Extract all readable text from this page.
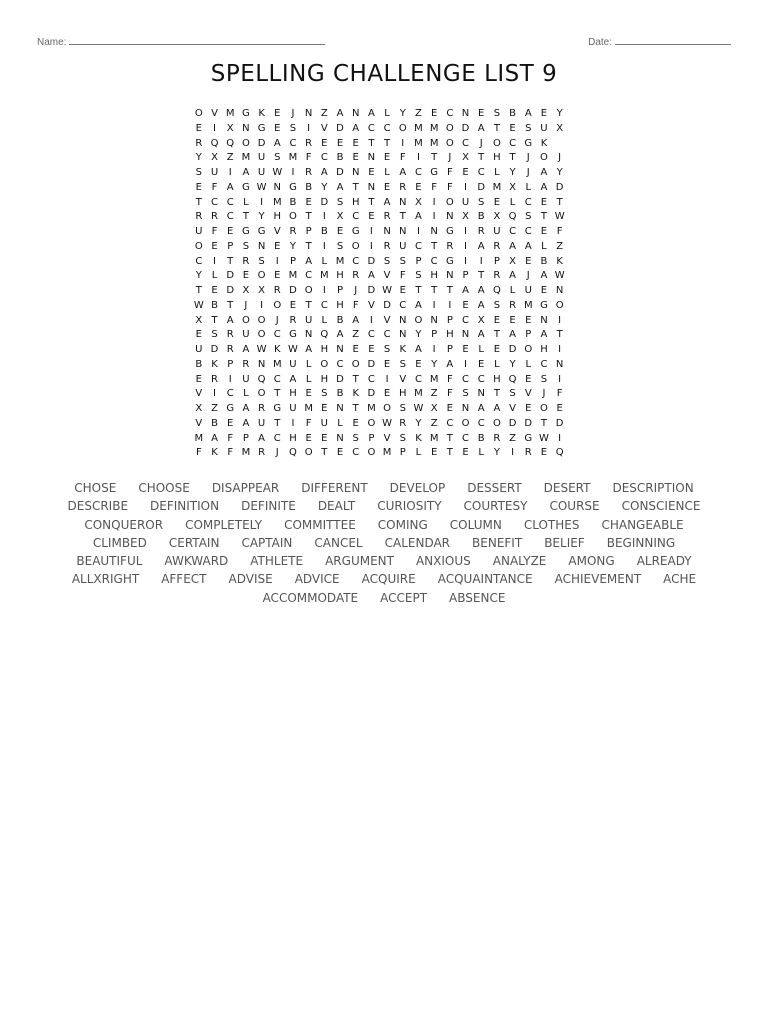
Name:	Date:
SPELLING CHALLENGE LIST 9
O V M G K E	J	N Z A N A L Y Z E C N E S B A E Y
E	I	X N G E S	I	V D A C C O M M O D A T E S U X
R Q Q O D A C R E E E T T	I M M O C	J	O C G K
Y X Z M U S M F C B E N E F	I	T	J	X T H T	J	O	J
S U	I	A U W I	R A D N E L A C G F E C L Y	J	A Y
E F A G W N G B Y A T N E R E F F	I	D M X L A D
T C C L	I M B E D S H T A N X	I	O U S E L C E T
R R C T Y H O T	I	X C E R T A	I	N X B X Q S T W
U F E G G V R P B E G	I	N N	I	N G	I	R U C C E F
O E P S N E Y T	I	S O	I	R U C T R	I	A R A A L Z
C	I	T R S	I	P A L M C D S S P C G	I	I	P X E B K
Y L D E O E M C M H R A V F S H N P T R A	J	A W
T E D X X R D O	I	P	J	D W E T T T A A Q L U E N
W B T	J	I	O E T C H F V D C A	I	I	E A S R M G O
X T A O O	J	R U L B A	I	V N O N P C X E E E N	I
E S R U O C G N Q A Z C C N Y P H N A T A P A T
U D R A W K W A H N E E S K A	I	P E L E D O H	I
B K P R N M U L O C O D E S E Y A	I	E L Y L C N
E R	I	U Q C A L H D T C	I	V C M F C C H Q E S	I
V	I	C L O T H E S B K D E H M Z F S N T S V	J	F
X Z G A R G U M E N T M O S W X E N A A V E O E
V B E A U T	I	F U L E O W R Y Z C O C O D D T D
M A F P A C H E E N S P V S K M T C B R Z G W I
F K F M R	J	Q O T E C O M P L E T E L Y	I	R E Q
CHOSE CHOOSE DISAPPEAR DIFFERENT DEVELOP DESSERT DESERT DESCRIPTION
DESCRIBE DEFINITION DEFINITE DEALT CURIOSITY COURTESY COURSE CONSCIENCE
CONQUEROR COMPLETELY COMMITTEE COMING COLUMN CLOTHES CHANGEABLE
CLIMBED CERTAIN CAPTAIN CANCEL CALENDAR BENEFIT BELIEF BEGINNING
BEAUTIFUL AWKWARD ATHLETE ARGUMENT ANXIOUS ANALYZE AMONG ALREADY
ALLXRIGHT AFFECT ADVISE ADVICE ACQUIRE ACQUAINTANCE ACHIEVEMENT ACHE
ACCOMMODATE ACCEPT ABSENCE
